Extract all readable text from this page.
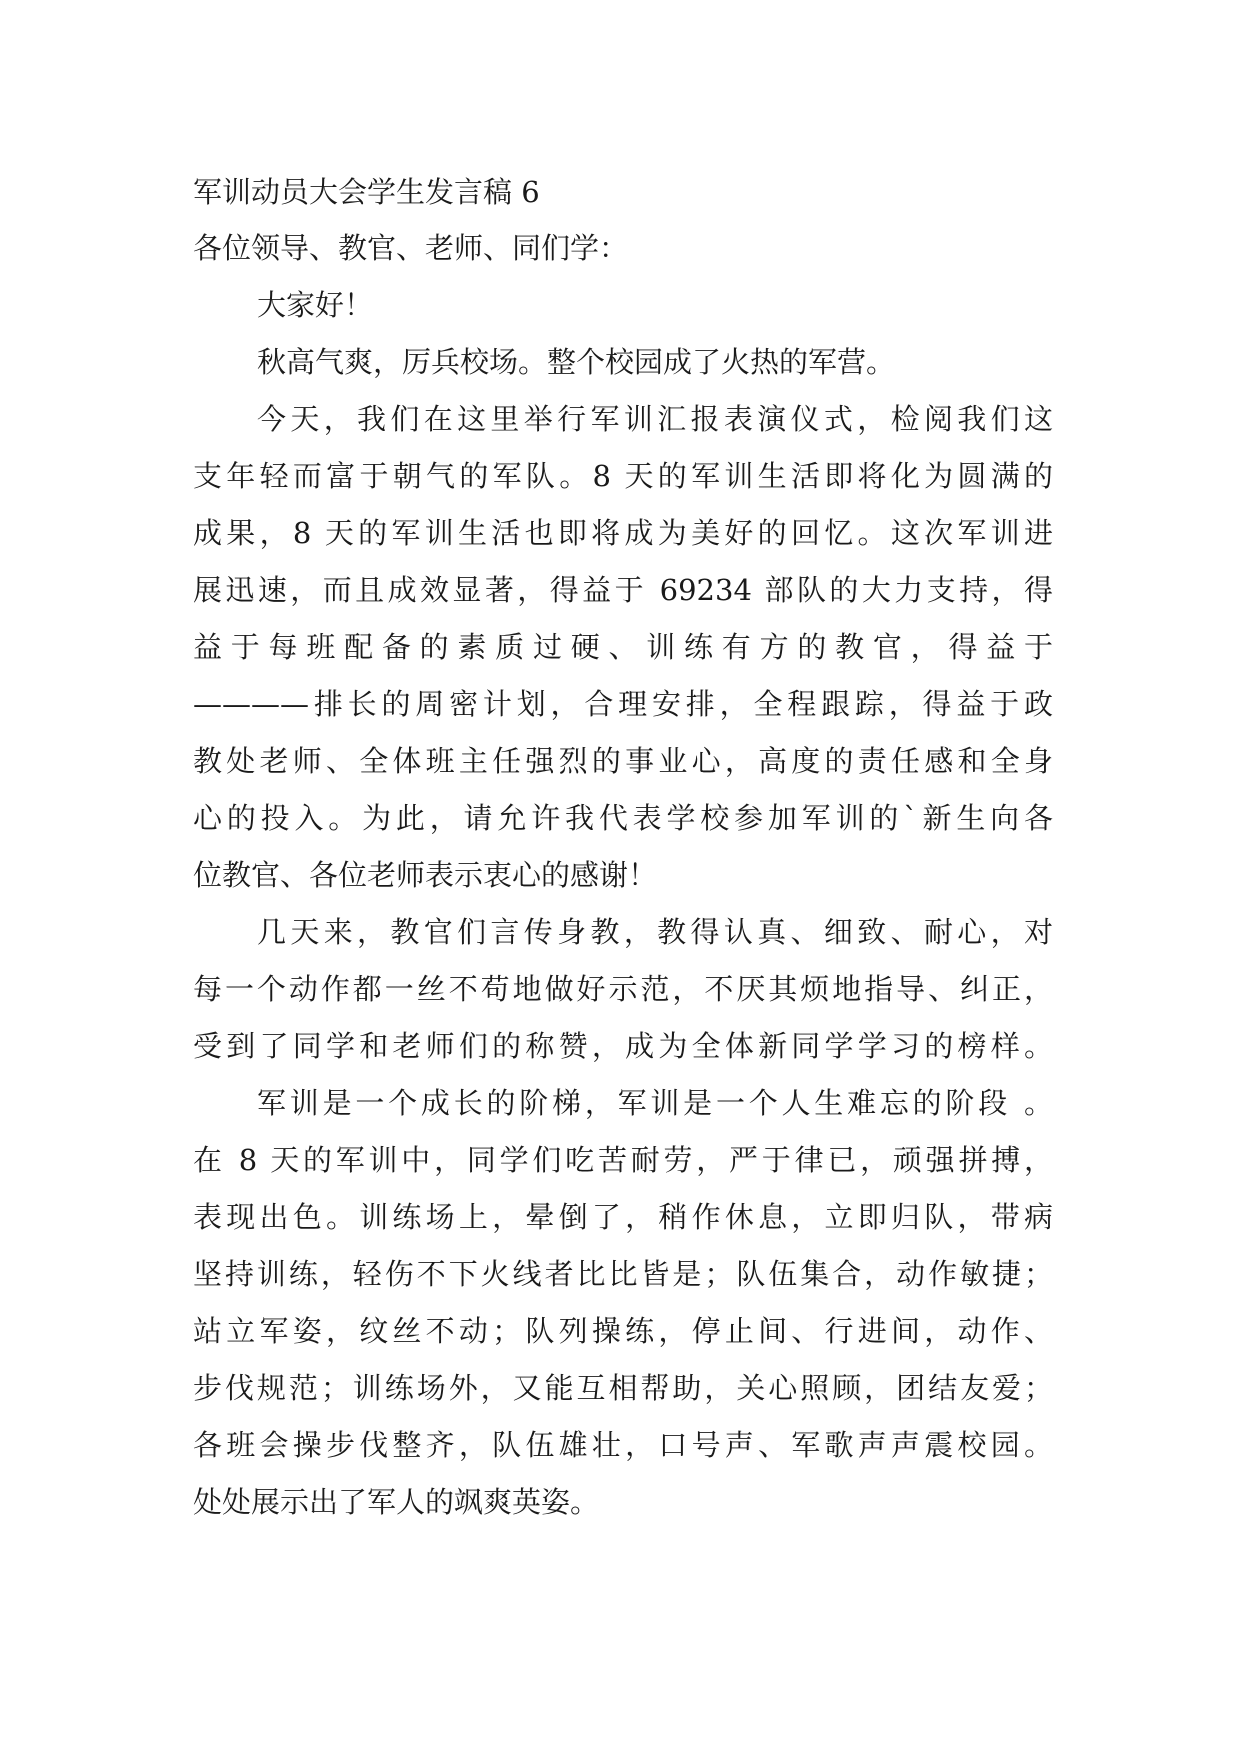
军训动员大会学生发言稿 6
各位领导、教官、老师、同们学：
大家好！
秋高气爽，厉兵校场。整个校园成了火热的军营。
今天，我们在这里举行军训汇报表演仪式，检阅我们这
支年轻而富于朝气的军队。8 天的军训生活即将化为圆满的
成果，8 天的军训生活也即将成为美好的回忆。这次军训进
展迅速，而且成效显著，得益于 69234 部队的大力支持，得
益于每班配备的素质过硬、训练有方的教官，得益于
————排长的周密计划，合理安排，全程跟踪，得益于政
教处老师、全体班主任强烈的事业心，高度的责任感和全身
心的投入。为此，请允许我代表学校参加军训的`新生向各
位教官、各位老师表示衷心的感谢！
几天来，教官们言传身教，教得认真、细致、耐心，对
每一个动作都一丝不苟地做好示范，不厌其烦地指导、纠正，
受到了同学和老师们的称赞，成为全体新同学学习的榜样。
军训是一个成长的阶梯，军训是一个人生难忘的阶段 。
在 8 天的军训中，同学们吃苦耐劳，严于律已，顽强拼搏，
表现出色。训练场上，晕倒了，稍作休息，立即归队，带病
坚持训练，轻伤不下火线者比比皆是；队伍集合，动作敏捷；
站立军姿，纹丝不动；队列操练，停止间、行进间，动作、
步伐规范；训练场外，又能互相帮助，关心照顾，团结友爱；
各班会操步伐整齐，队伍雄壮，口号声、军歌声声震校园。
处处展示出了军人的飒爽英姿。
